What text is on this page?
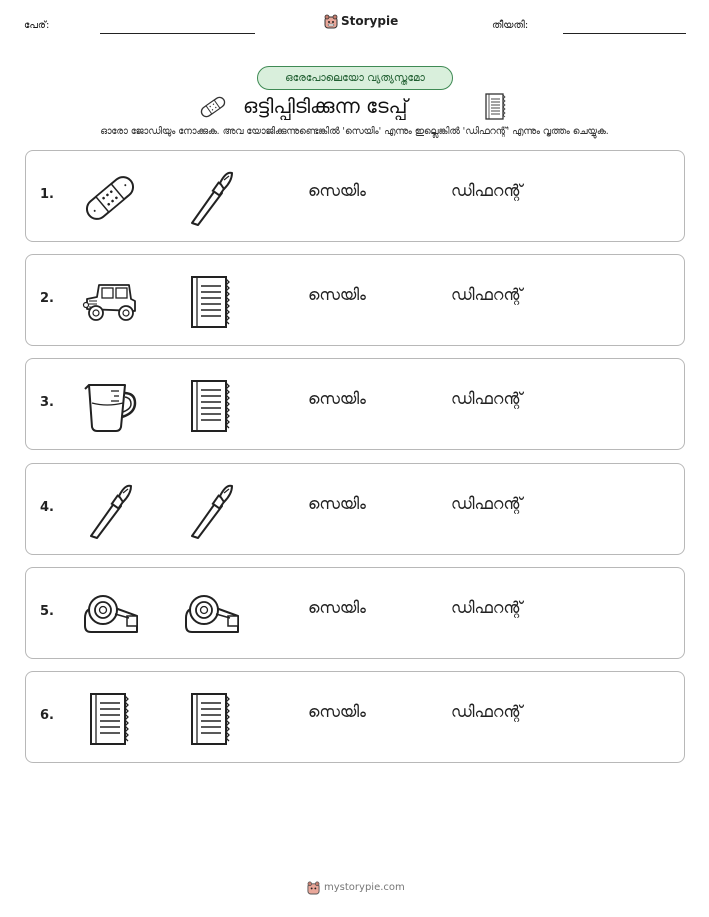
പേര്:	Storypie	തീയതി:
ഒരേപോലെയോ വ്യത്യസ്തമോ
ഒട്ടിപ്പിടിക്കുന്ന ടേപ്പ്
ഓരോ ജോഡിയും നോക്കുക. അവ യോജിക്കുന്നുണ്ടെങ്കിൽ 'സെയിം' എന്നും ഇല്ലെങ്കിൽ 'ഡിഫറന്റ്' എന്നും വൃത്തം ചെയ്യുക.
1.	സെയിം	ഡിഫറന്റ്
2.	സെയിം	ഡിഫറന്റ്
3.	സെയിം	ഡിഫറന്റ്
4.	സെയിം	ഡിഫറന്റ്
5.	സെയിം	ഡിഫറന്റ്
6.	സെയിം	ഡിഫറന്റ്
mystorypie.com
